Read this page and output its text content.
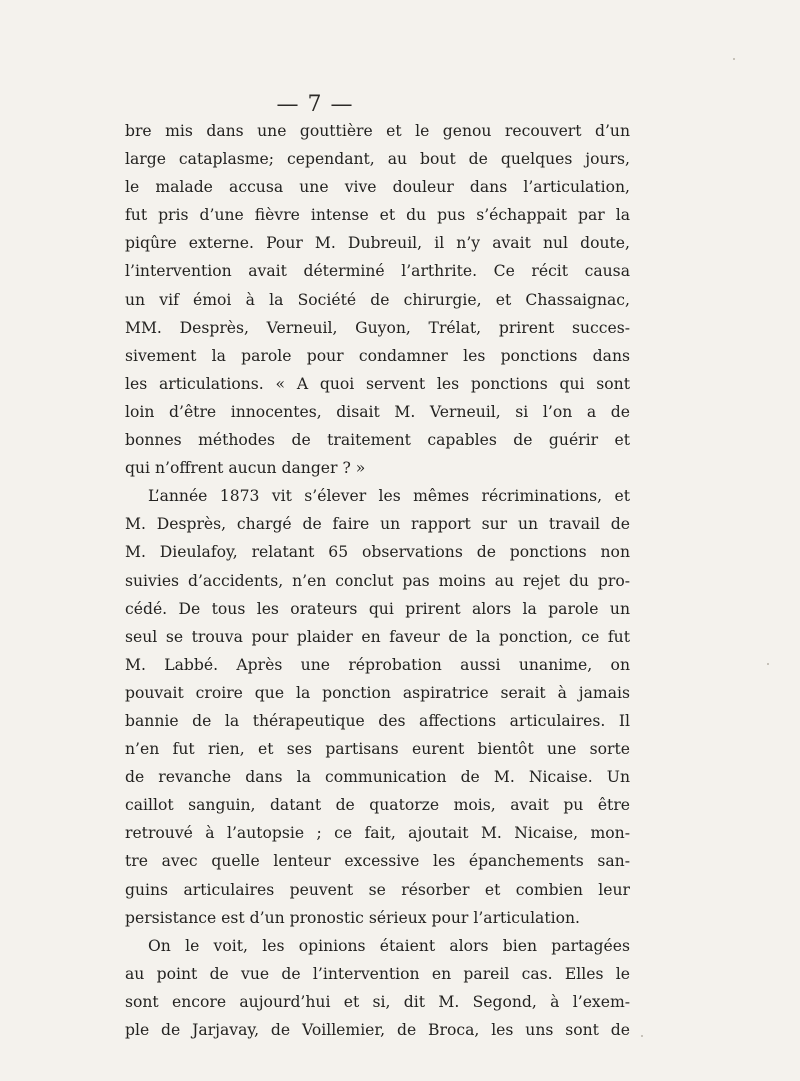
— 7 —
bre mis dans une gouttière et le genou recouvert d’un
large cataplasme; cependant, au bout de quelques jours,
le malade accusa une vive douleur dans l’articulation,
fut pris d’une fièvre intense et du pus s’échappait par la
piqûre externe. Pour M. Dubreuil, il n’y avait nul doute,
l’intervention avait déterminé l’arthrite. Ce récit causa
un vif émoi à la Société de chirurgie, et Chassaignac,
MM. Desprès, Verneuil, Guyon, Trélat, prirent succes-
sivement la parole pour condamner les ponctions dans
les articulations. « A quoi servent les ponctions qui sont
loin d’être innocentes, disait M. Verneuil, si l’on a de
bonnes méthodes de traitement capables de guérir et
qui n’offrent aucun danger ? »
L’année 1873 vit s’élever les mêmes récriminations, et
M. Desprès, chargé de faire un rapport sur un travail de
M. Dieulafoy, relatant 65 observations de ponctions non
suivies d’accidents, n’en conclut pas moins au rejet du pro-
cédé. De tous les orateurs qui prirent alors la parole un
seul se trouva pour plaider en faveur de la ponction, ce fut
M. Labbé. Après une réprobation aussi unanime, on
pouvait croire que la ponction aspiratrice serait à jamais
bannie de la thérapeutique des affections articulaires. Il
n’en fut rien, et ses partisans eurent bientôt une sorte
de revanche dans la communication de M. Nicaise. Un
caillot sanguin, datant de quatorze mois, avait pu être
retrouvé à l’autopsie ; ce fait, ajoutait M. Nicaise, mon-
tre avec quelle lenteur excessive les épanchements san-
guins articulaires peuvent se résorber et combien leur
persistance est d’un pronostic sérieux pour l’articulation.
On le voit, les opinions étaient alors bien partagées
au point de vue de l’intervention en pareil cas. Elles le
sont encore aujourd’hui et si, dit M. Segond, à l’exem-
ple de Jarjavay, de Voillemier, de Broca, les uns sont de
